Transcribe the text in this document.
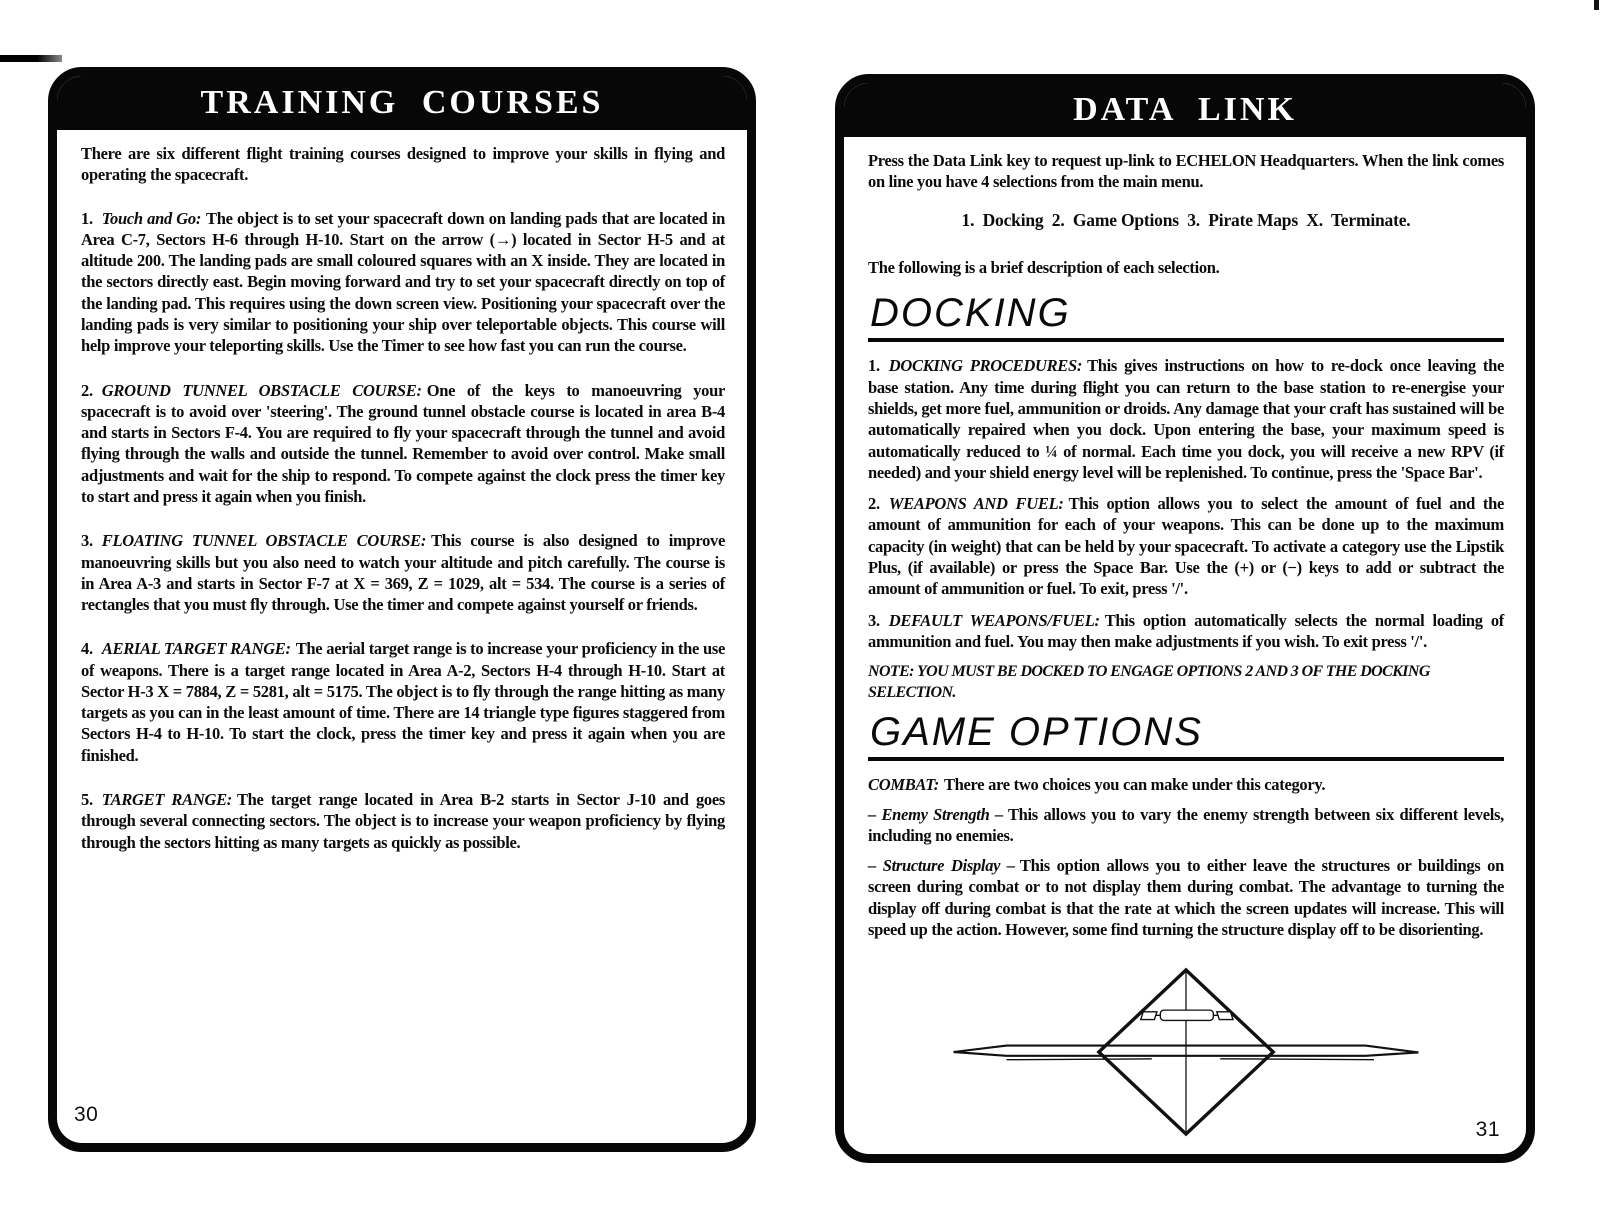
TRAINING COURSES

There are six different flight training courses designed to improve your skills in flying and operating the spacecraft.

1. Touch and Go: The object is to set your spacecraft down on landing pads that are located in Area C-7, Sectors H-6 through H-10. Start on the arrow (→) located in Sector H-5 and at altitude 200. The landing pads are small coloured squares with an X inside. They are located in the sectors directly east. Begin moving forward and try to set your spacecraft directly on top of the landing pad. This requires using the down screen view. Positioning your spacecraft over the landing pads is very similar to positioning your ship over teleportable objects. This course will help improve your teleporting skills. Use the Timer to see how fast you can run the course.

2. GROUND TUNNEL OBSTACLE COURSE: One of the keys to manoeuvring your spacecraft is to avoid over 'steering'. The ground tunnel obstacle course is located in area B-4 and starts in Sectors F-4. You are required to fly your spacecraft through the tunnel and avoid flying through the walls and outside the tunnel. Remember to avoid over control. Make small adjustments and wait for the ship to respond. To compete against the clock press the timer key to start and press it again when you finish.

3. FLOATING TUNNEL OBSTACLE COURSE: This course is also designed to improve manoeuvring skills but you also need to watch your altitude and pitch carefully. The course is in Area A-3 and starts in Sector F-7 at X = 369, Z = 1029, alt = 534. The course is a series of rectangles that you must fly through. Use the timer and compete against yourself or friends.

4. AERIAL TARGET RANGE: The aerial target range is to increase your proficiency in the use of weapons. There is a target range located in Area A-2, Sectors H-4 through H-10. Start at Sector H-3 X = 7884, Z = 5281, alt = 5175. The object is to fly through the range hitting as many targets as you can in the least amount of time. There are 14 triangle type figures staggered from Sectors H-4 to H-10. To start the clock, press the timer key and press it again when you are finished.

5. TARGET RANGE: The target range located in Area B-2 starts in Sector J-10 and goes through several connecting sectors. The object is to increase your weapon proficiency by flying through the sectors hitting as many targets as quickly as possible.

30
DATA LINK

Press the Data Link key to request up-link to ECHELON Headquarters. When the link comes on line you have 4 selections from the main menu.

1.  Docking  2.  Game Options  3.  Pirate Maps  X.  Terminate.

The following is a brief description of each selection.

DOCKING

1. DOCKING PROCEDURES: This gives instructions on how to re-dock once leaving the base station. Any time during flight you can return to the base station to re-energise your shields, get more fuel, ammunition or droids. Any damage that your craft has sustained will be automatically repaired when you dock. Upon entering the base, your maximum speed is automatically reduced to ¼ of normal. Each time you dock, you will receive a new RPV (if needed) and your shield energy level will be replenished. To continue, press the 'Space Bar'.

2. WEAPONS AND FUEL: This option allows you to select the amount of fuel and the amount of ammunition for each of your weapons. This can be done up to the maximum capacity (in weight) that can be held by your spacecraft. To activate a category use the Lipstik Plus, (if available) or press the Space Bar. Use the (+) or (−) keys to add or subtract the amount of ammunition or fuel. To exit, press '/'.

3. DEFAULT WEAPONS/FUEL: This option automatically selects the normal loading of ammunition and fuel. You may then make adjustments if you wish. To exit press '/'.

NOTE: YOU MUST BE DOCKED TO ENGAGE OPTIONS 2 AND 3 OF THE DOCKING SELECTION.

GAME OPTIONS

COMBAT: There are two choices you can make under this category.

– Enemy Strength – This allows you to vary the enemy strength between six different levels, including no enemies.

– Structure Display – This option allows you to either leave the structures or buildings on screen during combat or to not display them during combat. The advantage to turning the display off during combat is that the rate at which the screen updates will increase. This will speed up the action. However, some find turning the structure display off to be disorienting.

31
